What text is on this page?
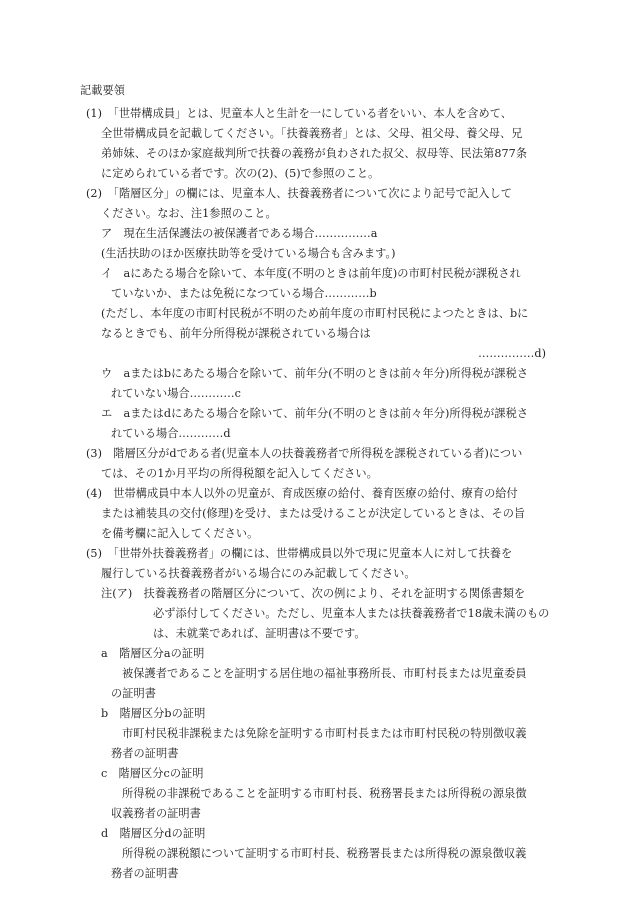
記載要領

(1)　「世帯構成員」とは、児童本人と生計を一にしている者をいい、本人を含めて、

全世帯構成員を記載してください。「扶養義務者」とは、父母、祖父母、養父母、兄

弟姉妹、そのほか家庭裁判所で扶養の義務が負わされた叔父、叔母等、民法第877条

に定められている者です。次の(2)、(5)で参照のこと。

(2)　「階層区分」の欄には、児童本人、扶養義務者について次により記号で記入して

ください。なお、注1参照のこと。

ア　現在生活保護法の被保護者である場合……………a

(生活扶助のほか医療扶助等を受けている場合も含みます。)

イ　aにあたる場合を除いて、本年度(不明のときは前年度)の市町村民税が課税され

ていないか、または免税になつている場合…………b

(ただし、本年度の市町村民税が不明のため前年度の市町村民税によつたときは、bに

なるときでも、前年分所得税が課税されている場合は

……………d)

ウ　aまたはbにあたる場合を除いて、前年分(不明のときは前々年分)所得税が課税さ

れていない場合…………c

エ　aまたはdにあたる場合を除いて、前年分(不明のときは前々年分)所得税が課税さ

れている場合…………d

(3)　階層区分がdである者(児童本人の扶養義務者で所得税を課税されている者)につい

ては、その1か月平均の所得税額を記入してください。

(4)　世帯構成員中本人以外の児童が、育成医療の給付、養育医療の給付、療育の給付

または補装具の交付(修理)を受け、または受けることが決定しているときは、その旨

を備考欄に記入してください。

(5)　「世帯外扶養義務者」の欄には、世帯構成員以外で現に児童本人に対して扶養を

履行している扶養義務者がいる場合にのみ記載してください。

注(ア)　扶養義務者の階層区分について、次の例により、それを証明する関係書類を

必ず添付してください。ただし、児童本人または扶養義務者で18歳未満のもの

は、未就業であれば、証明書は不要です。

a　階層区分aの証明

被保護者であることを証明する居住地の福祉事務所長、市町村長または児童委員

の証明書

b　階層区分bの証明

市町村民税非課税または免除を証明する市町村長または市町村民税の特別徴収義

務者の証明書

c　階層区分cの証明

所得税の非課税であることを証明する市町村長、税務署長または所得税の源泉徴

収義務者の証明書

d　階層区分dの証明

所得税の課税額について証明する市町村長、税務署長または所得税の源泉徴収義

務者の証明書
